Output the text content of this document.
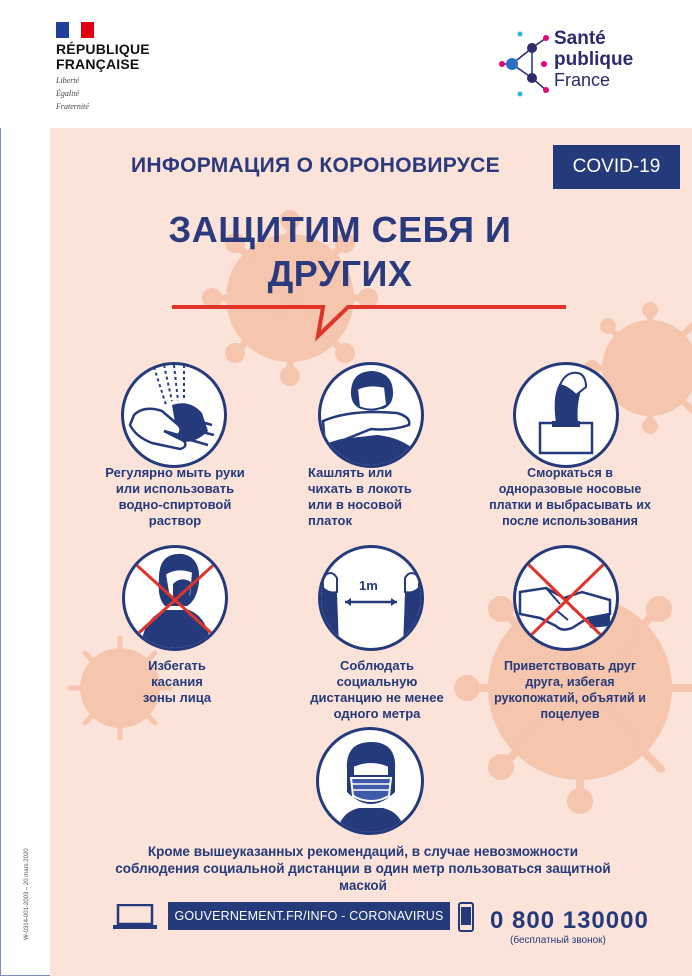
RÉPUBLIQUE
FRANÇAISE
Liberté
Égalité
Fraternité
Santé
publique
France
ИНФОРМАЦИЯ О КОРОНОВИРУСЕ	COVID-19
ЗАЩИТИМ СЕБЯ И
ДРУГИХ
Регулярно мыть руки
или использовать
водно-спиртовой
раствор
Кашлять или
чихать в локоть
или в носовой
платок
Сморкаться в
одноразовые носовые
платки и выбрасывать их
после использования
Избегать
касания
зоны лица
1m
Соблюдать
социальную
дистанцию не менее
одного метра
Приветствовать друг
друга, избегая
рукопожатий, объятий и
поцелуев
Кроме вышеуказанных рекомендаций, в случае невозможности
соблюдения социальной дистанции в один метр пользоваться защитной
маской
GOUVERNEMENT.FR/INFO - CORONAVIRUS 0 800 130000
(бесплатный звонок)
W-0314-001-2003 – 20 mars 2020
